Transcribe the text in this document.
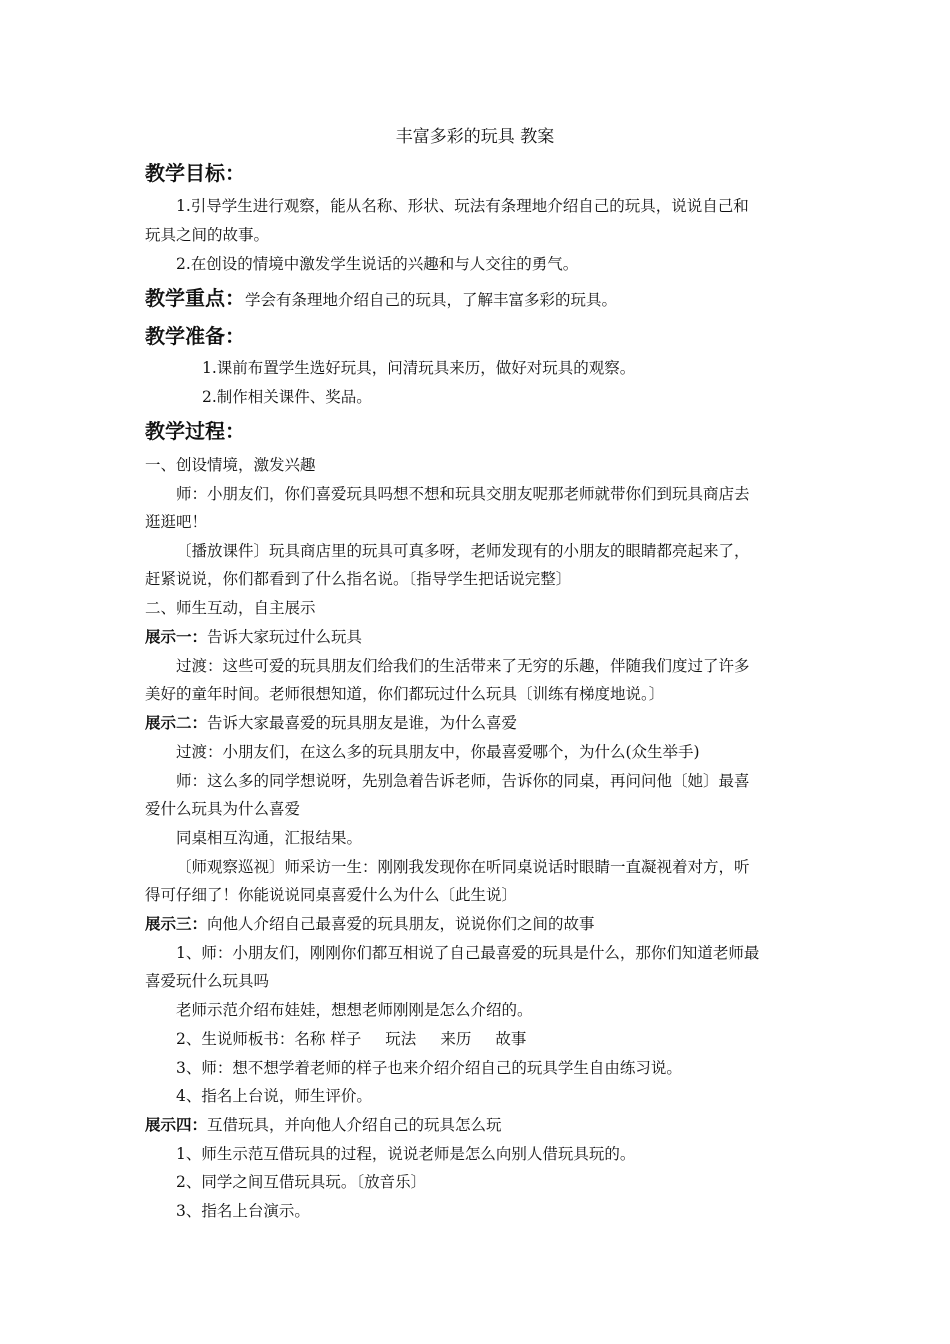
丰富多彩的玩具 教案
教学目标：
1.引导学生进行观察，能从名称、形状、玩法有条理地介绍自己的玩具，说说自己和
玩具之间的故事。
2.在创设的情境中激发学生说话的兴趣和与人交往的勇气。
教学重点：学会有条理地介绍自己的玩具，了解丰富多彩的玩具。
教学准备：
1.课前布置学生选好玩具，问清玩具来历，做好对玩具的观察。
2.制作相关课件、奖品。
教学过程：
一、创设情境，激发兴趣
师：小朋友们，你们喜爱玩具吗想不想和玩具交朋友呢那老师就带你们到玩具商店去
逛逛吧！
〔播放课件〕玩具商店里的玩具可真多呀，老师发现有的小朋友的眼睛都亮起来了，
赶紧说说，你们都看到了什么指名说。〔指导学生把话说完整〕
二、师生互动，自主展示
展示一：告诉大家玩过什么玩具
过渡：这些可爱的玩具朋友们给我们的生活带来了无穷的乐趣，伴随我们度过了许多
美好的童年时间。老师很想知道，你们都玩过什么玩具〔训练有梯度地说。〕
展示二：告诉大家最喜爱的玩具朋友是谁，为什么喜爱
过渡：小朋友们，在这么多的玩具朋友中，你最喜爱哪个，为什么(众生举手)
师：这么多的同学想说呀，先别急着告诉老师，告诉你的同桌，再问问他〔她〕最喜
爱什么玩具为什么喜爱
同桌相互沟通，汇报结果。
〔师观察巡视〕师采访一生：刚刚我发现你在听同桌说话时眼睛一直凝视着对方，听
得可仔细了！你能说说同桌喜爱什么为什么〔此生说〕
展示三：向他人介绍自己最喜爱的玩具朋友，说说你们之间的故事
1、师：小朋友们，刚刚你们都互相说了自己最喜爱的玩具是什么，那你们知道老师最
喜爱玩什么玩具吗
老师示范介绍布娃娃，想想老师刚刚是怎么介绍的。
2、生说师板书：名称 样子 玩法 来历 故事
3、师：想不想学着老师的样子也来介绍介绍自己的玩具学生自由练习说。
4、指名上台说，师生评价。
展示四：互借玩具，并向他人介绍自己的玩具怎么玩
1、师生示范互借玩具的过程，说说老师是怎么向别人借玩具玩的。
2、同学之间互借玩具玩。〔放音乐〕
3、指名上台演示。
